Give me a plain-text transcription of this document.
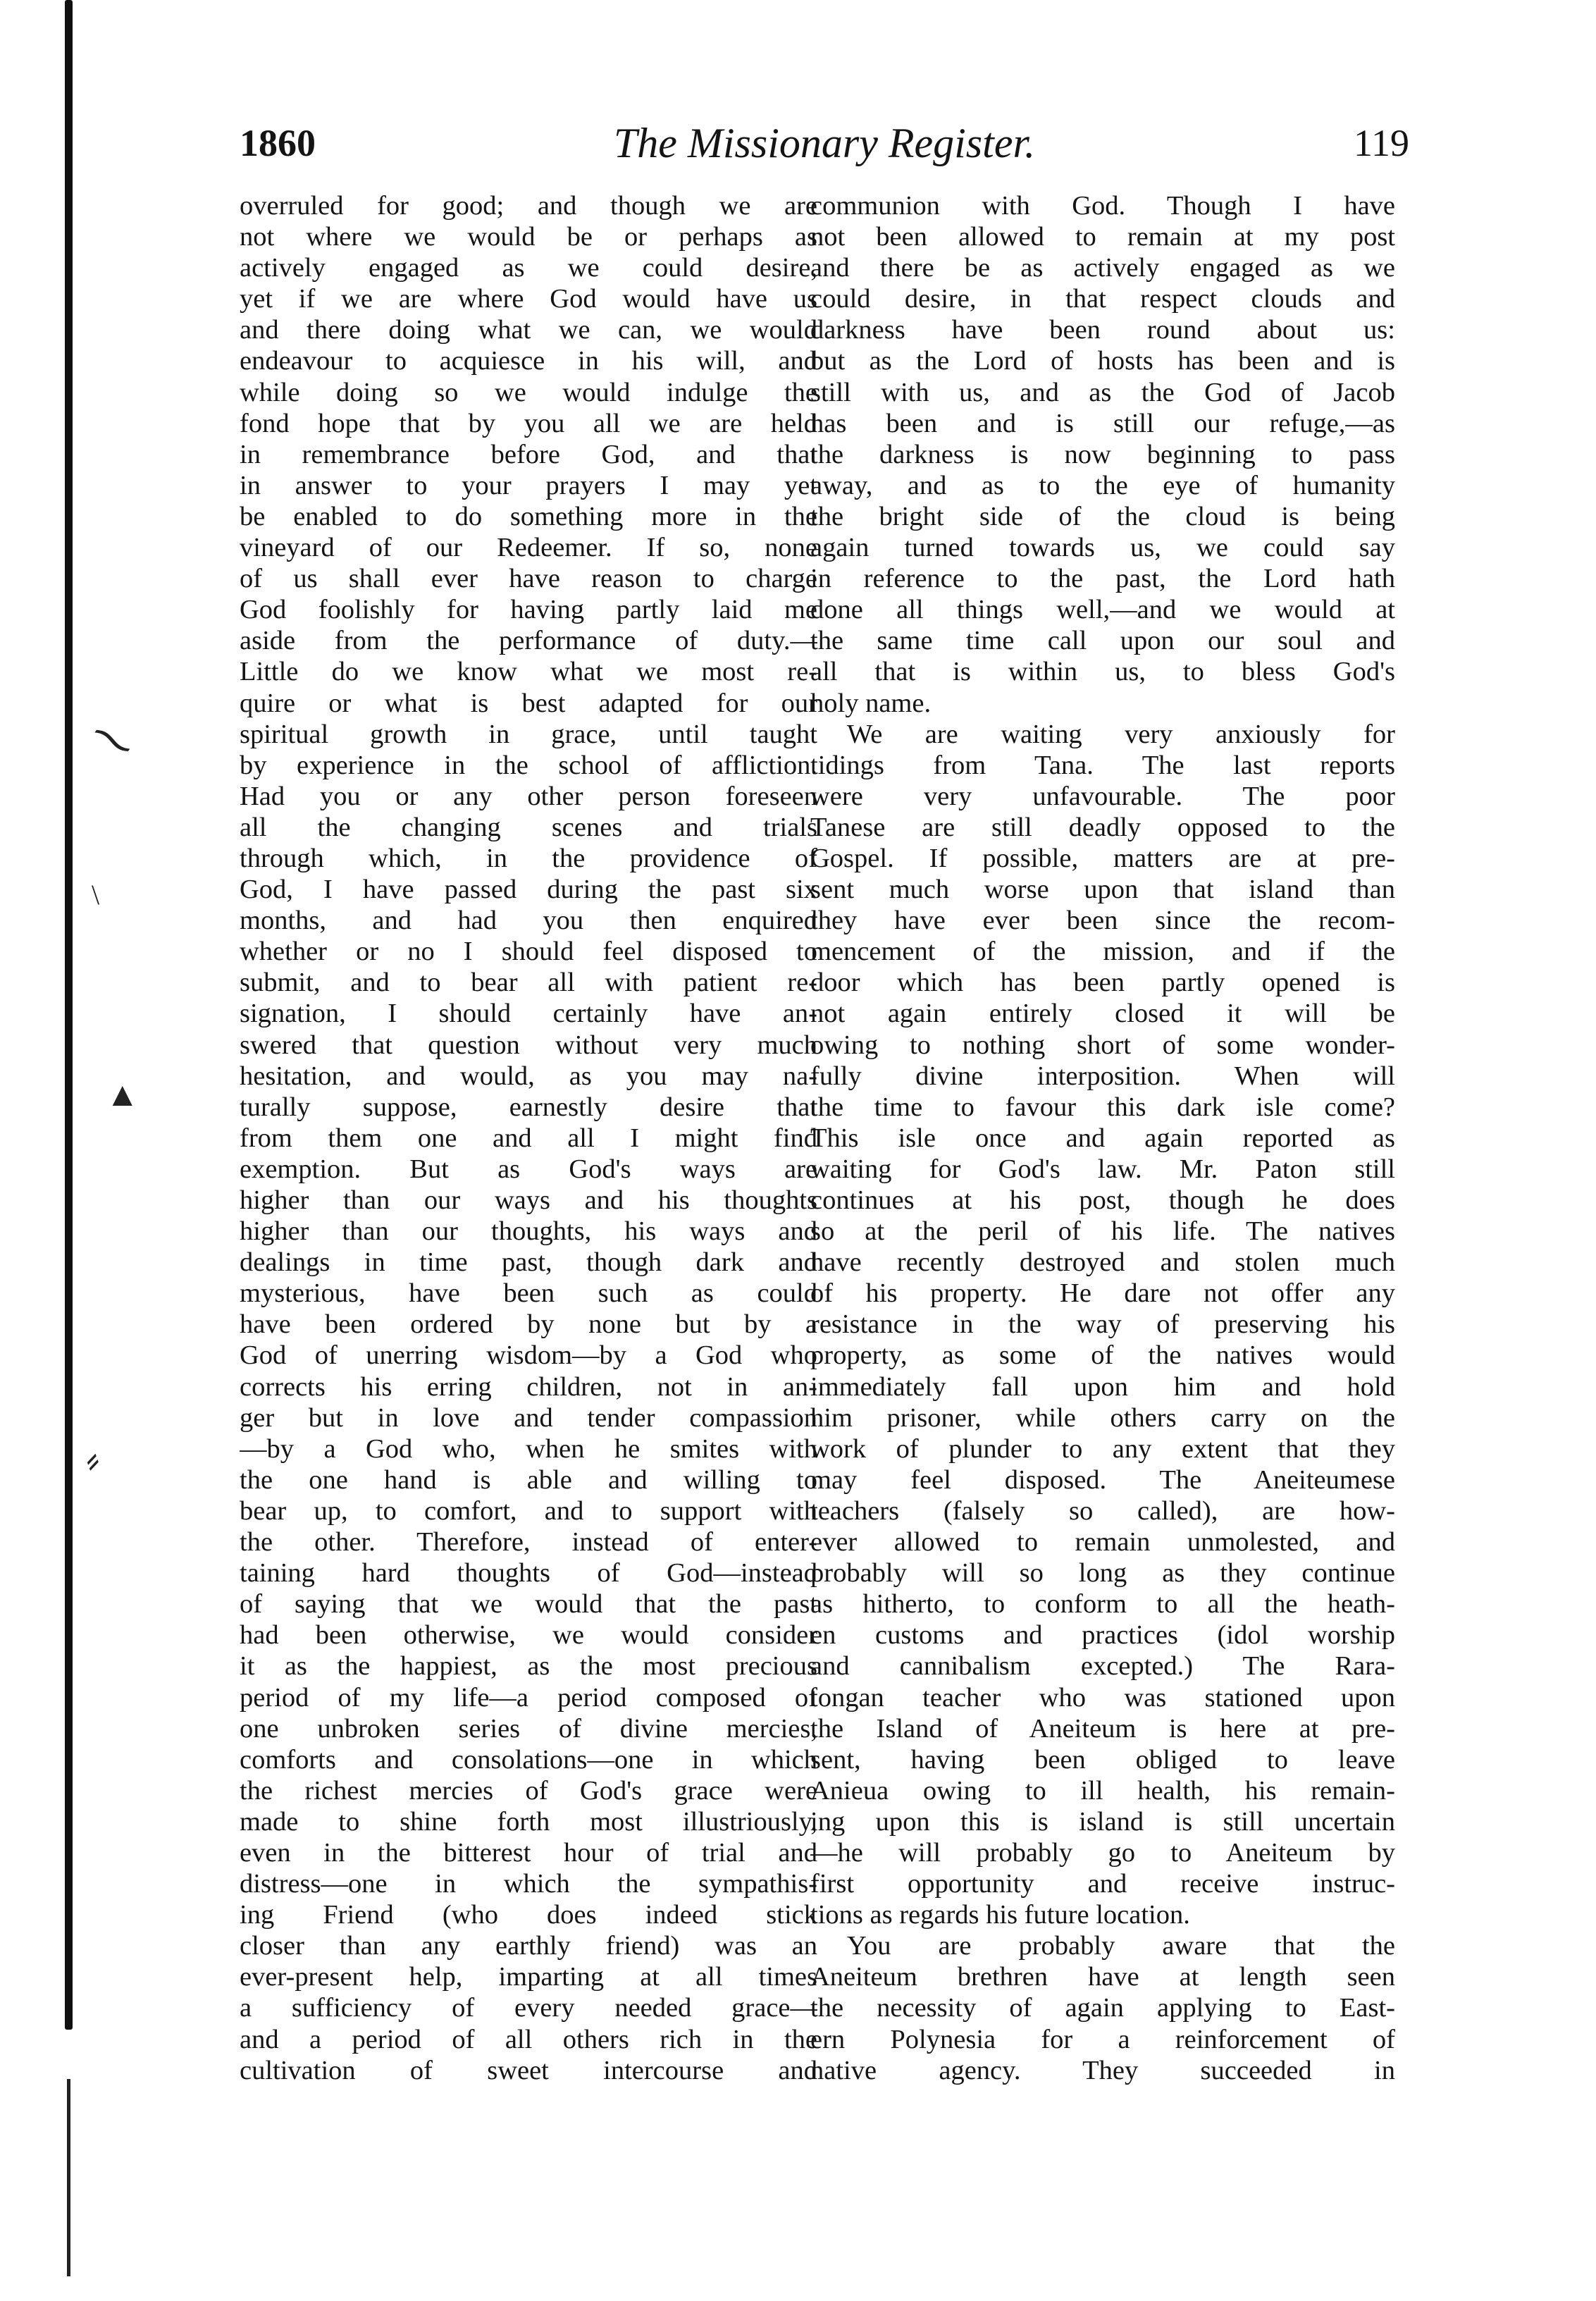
⁓
\
▲
⸗
1860	The Missionary Register.	119
overruled for good; and though we are
not where we would be or perhaps as
actively engaged as we could desire,
yet if we are where God would have us
and there doing what we can, we would
endeavour to acquiesce in his will, and
while doing so we would indulge the
fond hope that by you all we are held
in remembrance before God, and that
in answer to your prayers I may yet
be enabled to do something more in the
vineyard of our Redeemer. If so, none
of us shall ever have reason to charge
God foolishly for having partly laid me
aside from the performance of duty.—
Little do we know what we most re-
quire or what is best adapted for our
spiritual growth in grace, until taught
by experience in the school of affliction.
Had you or any other person foreseen
all the changing scenes and trials
through which, in the providence of
God, I have passed during the past six
months, and had you then enquired
whether or no I should feel disposed to
submit, and to bear all with patient re-
signation, I should certainly have an-
swered that question without very much
hesitation, and would, as you may na-
turally suppose, earnestly desire that
from them one and all I might find
exemption. But as God's ways are
higher than our ways and his thoughts
higher than our thoughts, his ways and
dealings in time past, though dark and
mysterious, have been such as could
have been ordered by none but by a
God of unerring wisdom—by a God who
corrects his erring children, not in an-
ger but in love and tender compassion
—by a God who, when he smites with
the one hand is able and willing to
bear up, to comfort, and to support with
the other. Therefore, instead of enter-
taining hard thoughts of God—instead
of saying that we would that the past
had been otherwise, we would consider
it as the happiest, as the most precious
period of my life—a period composed of
one unbroken series of divine mercies,
comforts and consolations—one in which
the richest mercies of God's grace were
made to shine forth most illustriously,
even in the bitterest hour of trial and
distress—one in which the sympathis-
ing Friend (who does indeed stick
closer than any earthly friend) was an
ever-present help, imparting at all times
a sufficiency of every needed grace—
and a period of all others rich in the
cultivation of sweet intercourse and
communion with God. Though I have
not been allowed to remain at my post
and there be as actively engaged as we
could desire, in that respect clouds and
darkness have been round about us:
but as the Lord of hosts has been and is
still with us, and as the God of Jacob
has been and is still our refuge,—as
the darkness is now beginning to pass
away, and as to the eye of humanity
the bright side of the cloud is being
again turned towards us, we could say
in reference to the past, the Lord hath
done all things well,—and we would at
the same time call upon our soul and
all that is within us, to bless God's
holy name.
We are waiting very anxiously for
tidings from Tana. The last reports
were very unfavourable. The poor
Tanese are still deadly opposed to the
Gospel. If possible, matters are at pre-
sent much worse upon that island than
they have ever been since the recom-
mencement of the mission, and if the
door which has been partly opened is
not again entirely closed it will be
owing to nothing short of some wonder-
fully divine interposition. When will
the time to favour this dark isle come?
This isle once and again reported as
waiting for God's law. Mr. Paton still
continues at his post, though he does
so at the peril of his life. The natives
have recently destroyed and stolen much
of his property. He dare not offer any
resistance in the way of preserving his
property, as some of the natives would
immediately fall upon him and hold
him prisoner, while others carry on the
work of plunder to any extent that they
may feel disposed. The Aneiteumese
teachers (falsely so called), are how-
ever allowed to remain unmolested, and
probably will so long as they continue
as hitherto, to conform to all the heath-
en customs and practices (idol worship
and cannibalism excepted.) The Rara-
tongan teacher who was stationed upon
the Island of Aneiteum is here at pre-
sent, having been obliged to leave
Anieua owing to ill health, his remain-
ing upon this is island is still uncertain
—he will probably go to Aneiteum by
first opportunity and receive instruc-
tions as regards his future location.
You are probably aware that the
Aneiteum brethren have at length seen
the necessity of again applying to East-
ern Polynesia for a reinforcement of
native agency. They succeeded in
